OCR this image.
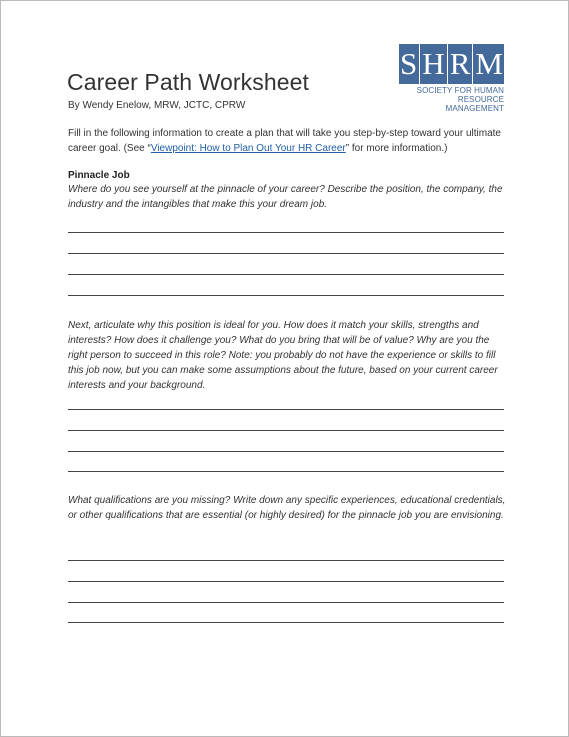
Career Path Worksheet
By Wendy Enelow, MRW, JCTC, CPRW
S H R M
SOCIETY FOR HUMAN
RESOURCE MANAGEMENT
Fill in the following information to create a plan that will take you step-by-step toward your ultimate career goal. (See “Viewpoint: How to Plan Out Your HR Career” for more information.)
Pinnacle Job
Where do you see yourself at the pinnacle of your career? Describe the position, the company, the industry and the intangibles that make this your dream job.
Next, articulate why this position is ideal for you. How does it match your skills, strengths and interests? How does it challenge you? What do you bring that will be of value? Why are you the right person to succeed in this role? Note: you probably do not have the experience or skills to fill this job now, but you can make some assumptions about the future, based on your current career interests and your background.
What qualifications are you missing? Write down any specific experiences, educational credentials, or other qualifications that are essential (or highly desired) for the pinnacle job you are envisioning.
